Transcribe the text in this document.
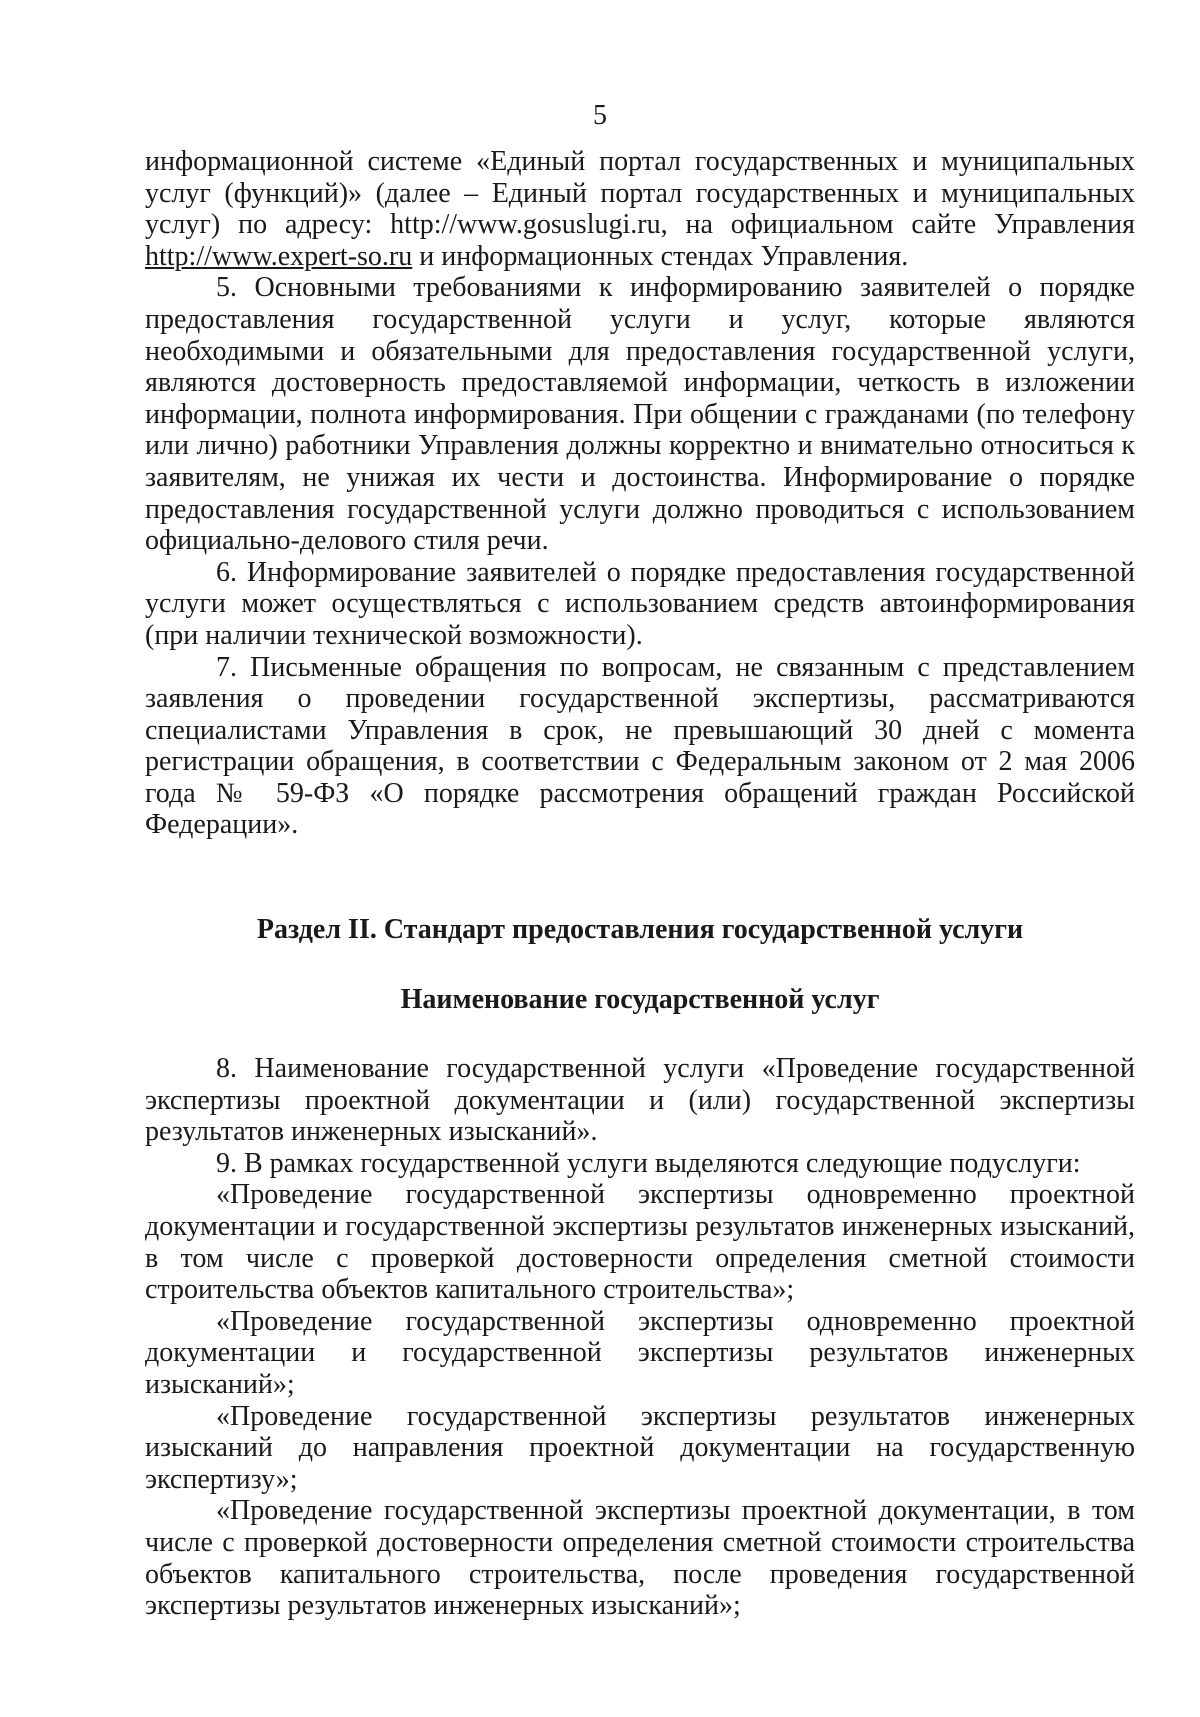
5

информационной системе «Единый портал государственных и муниципальных услуг (функций)» (далее – Единый портал государственных и муниципальных услуг) по адресу: http://www.gosuslugi.ru, на официальном сайте Управления http://www.expert-so.ru и информационных стендах Управления.

5. Основными требованиями к информированию заявителей о порядке предоставления государственной услуги и услуг, которые являются необходимыми и обязательными для предоставления государственной услуги, являются достоверность предоставляемой информации, четкость в изложении информации, полнота информирования. При общении с гражданами (по телефону или лично) работники Управления должны корректно и внимательно относиться к заявителям, не унижая их чести и достоинства. Информирование о порядке предоставления государственной услуги должно проводиться с использованием официально-делового стиля речи.

6. Информирование заявителей о порядке предоставления государственной услуги может осуществляться с использованием средств автоинформирования (при наличии технической возможности).

7. Письменные обращения по вопросам, не связанным с представлением заявления о проведении государственной экспертизы, рассматриваются специалистами Управления в срок, не превышающий 30 дней с момента регистрации обращения, в соответствии с Федеральным законом от 2 мая 2006 года № 59-ФЗ «О порядке рассмотрения обращений граждан Российской Федерации».

Раздел II. Стандарт предоставления государственной услуги
Наименование государственной услуг

8. Наименование государственной услуги «Проведение государственной экспертизы проектной документации и (или) государственной экспертизы результатов инженерных изысканий».

9. В рамках государственной услуги выделяются следующие подуслуги:

«Проведение государственной экспертизы одновременно проектной документации и государственной экспертизы результатов инженерных изысканий, в том числе с проверкой достоверности определения сметной стоимости строительства объектов капитального строительства»;

«Проведение государственной экспертизы одновременно проектной документации и государственной экспертизы результатов инженерных изысканий»;

«Проведение государственной экспертизы результатов инженерных изысканий до направления проектной документации на государственную экспертизу»;

«Проведение государственной экспертизы проектной документации, в том числе с проверкой достоверности определения сметной стоимости строительства объектов капитального строительства, после проведения государственной экспертизы результатов инженерных изысканий»;
